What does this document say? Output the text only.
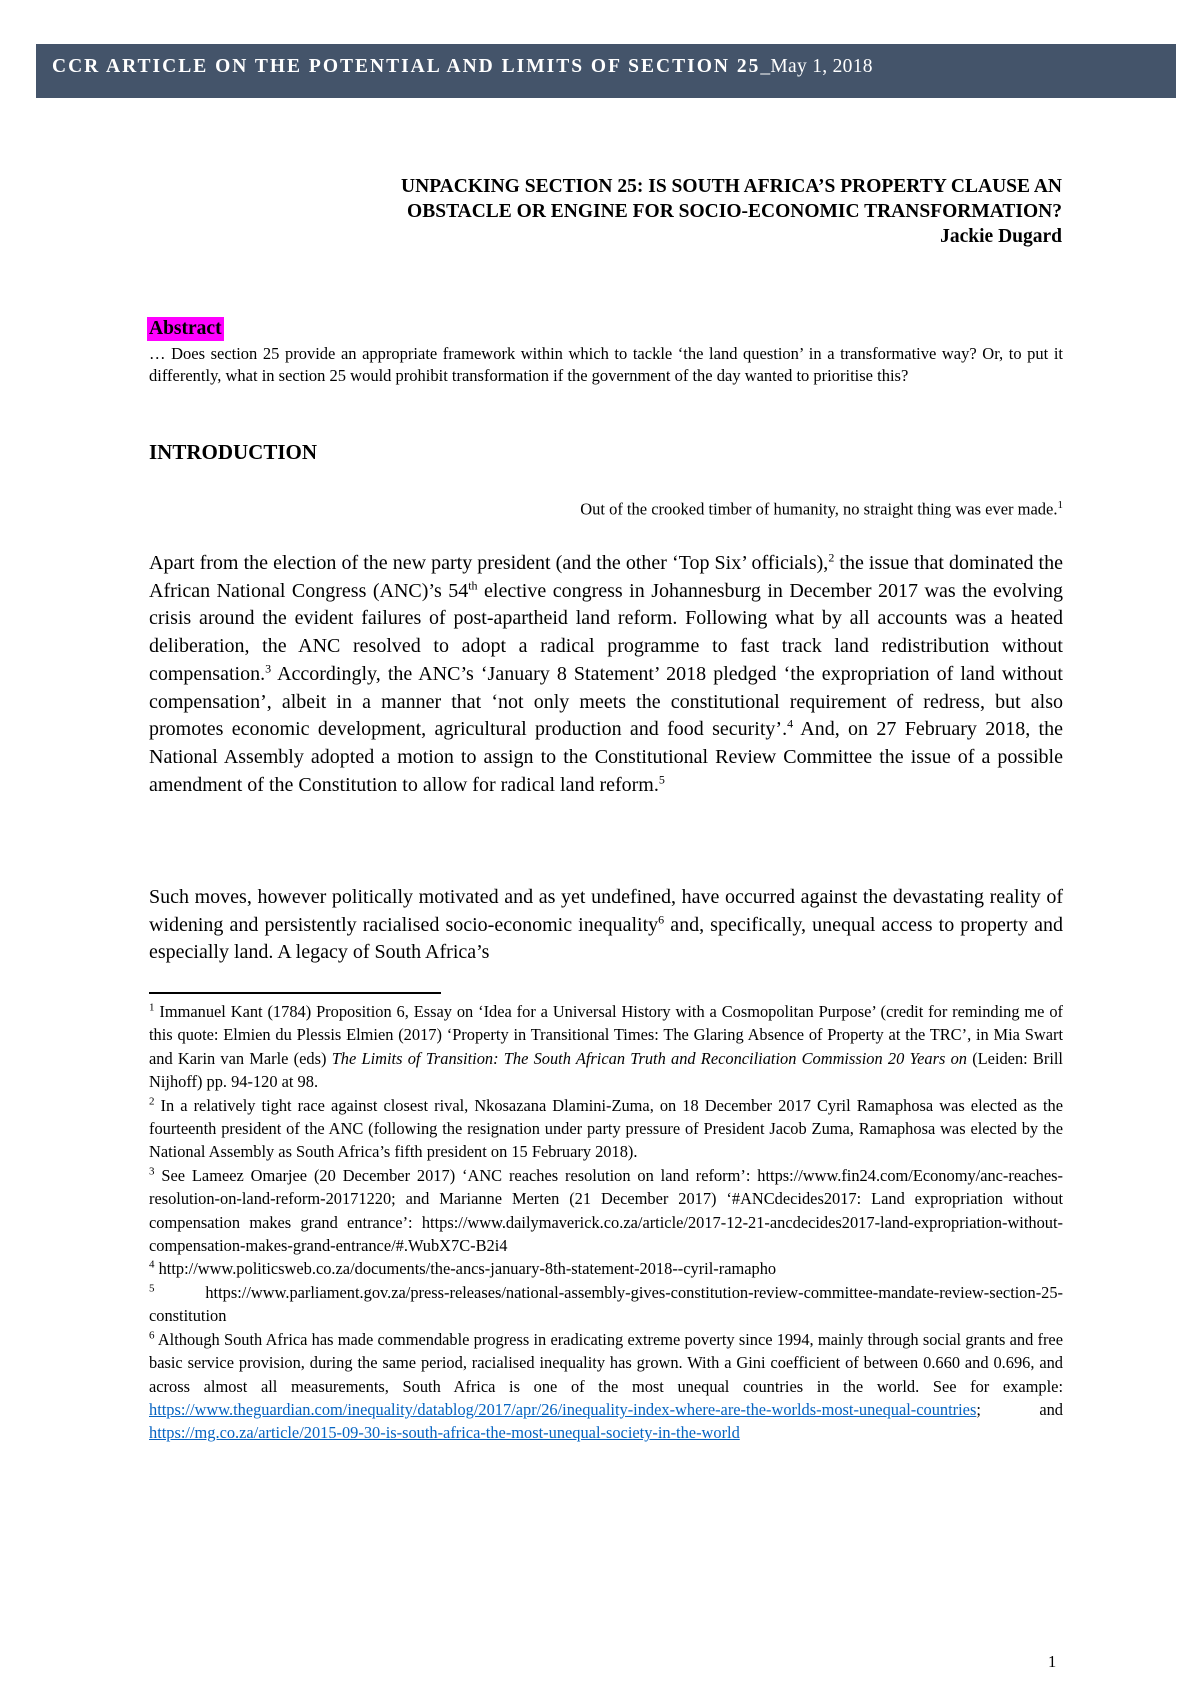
CCR ARTICLE ON THE POTENTIAL AND LIMITS OF SECTION 25_May 1, 2018
UNPACKING SECTION 25: IS SOUTH AFRICA’S PROPERTY CLAUSE AN
OBSTACLE OR ENGINE FOR SOCIO-ECONOMIC TRANSFORMATION?
Jackie Dugard
Abstract
… Does section 25 provide an appropriate framework within which to tackle ‘the land question’ in a transformative way? Or, to put it differently, what in section 25 would prohibit transformation if the government of the day wanted to prioritise this?
INTRODUCTION
Out of the crooked timber of humanity, no straight thing was ever made.$^1$
Apart from the election of the new party president (and the other ‘Top Six’ officials),$^2$ the issue that dominated the African National Congress (ANC)’s 54th elective congress in Johannesburg in December 2017 was the evolving crisis around the evident failures of post-apartheid land reform. Following what by all accounts was a heated deliberation, the ANC resolved to adopt a radical programme to fast track land redistribution without compensation.$^3$ Accordingly, the ANC’s ‘January 8 Statement’ 2018 pledged ‘the expropriation of land without compensation’, albeit in a manner that ‘not only meets the constitutional requirement of redress, but also promotes economic development, agricultural production and food security’.$^4$ And, on 27 February 2018, the National Assembly adopted a motion to assign to the Constitutional Review Committee the issue of a possible amendment of the Constitution to allow for radical land reform.$^5$
Such moves, however politically motivated and as yet undefined, have occurred against the devastating reality of widening and persistently racialised socio-economic inequality$^6$ and, specifically, unequal access to property and especially land. A legacy of South Africa’s
$^1$ Immanuel Kant (1784) Proposition 6, Essay on ‘Idea for a Universal History with a Cosmopolitan Purpose’ (credit for reminding me of this quote: Elmien du Plessis Elmien (2017) ‘Property in Transitional Times: The Glaring Absence of Property at the TRC’, in Mia Swart and Karin van Marle (eds) The Limits of Transition: The South African Truth and Reconciliation Commission 20 Years on (Leiden: Brill Nijhoff) pp. 94-120 at 98.
$^2$ In a relatively tight race against closest rival, Nkosazana Dlamini-Zuma, on 18 December 2017 Cyril Ramaphosa was elected as the fourteenth president of the ANC (following the resignation under party pressure of President Jacob Zuma, Ramaphosa was elected by the National Assembly as South Africa’s fifth president on 15 February 2018).
$^3$ See Lameez Omarjee (20 December 2017) ‘ANC reaches resolution on land reform’: https://www.fin24.com/Economy/anc-reaches-resolution-on-land-reform-20171220; and Marianne Merten (21 December 2017) ‘#ANCdecides2017: Land expropriation without compensation makes grand entrance’: https://www.dailymaverick.co.za/article/2017-12-21-ancdecides2017-land-expropriation-without-compensation-makes-grand-entrance/#.WubX7C-B2i4
$^4$ http://www.politicsweb.co.za/documents/the-ancs-january-8th-statement-2018--cyril-ramapho
$^5$ https://www.parliament.gov.za/press-releases/national-assembly-gives-constitution-review-committee-mandate-review-section-25-constitution
$^6$ Although South Africa has made commendable progress in eradicating extreme poverty since 1994, mainly through social grants and free basic service provision, during the same period, racialised inequality has grown. With a Gini coefficient of between 0.660 and 0.696, and across almost all measurements, South Africa is one of the most unequal countries in the world. See for example: https://www.theguardian.com/inequality/datablog/2017/apr/26/inequality-index-where-are-the-worlds-most-unequal-countries; and https://mg.co.za/article/2015-09-30-is-south-africa-the-most-unequal-society-in-the-world
1
